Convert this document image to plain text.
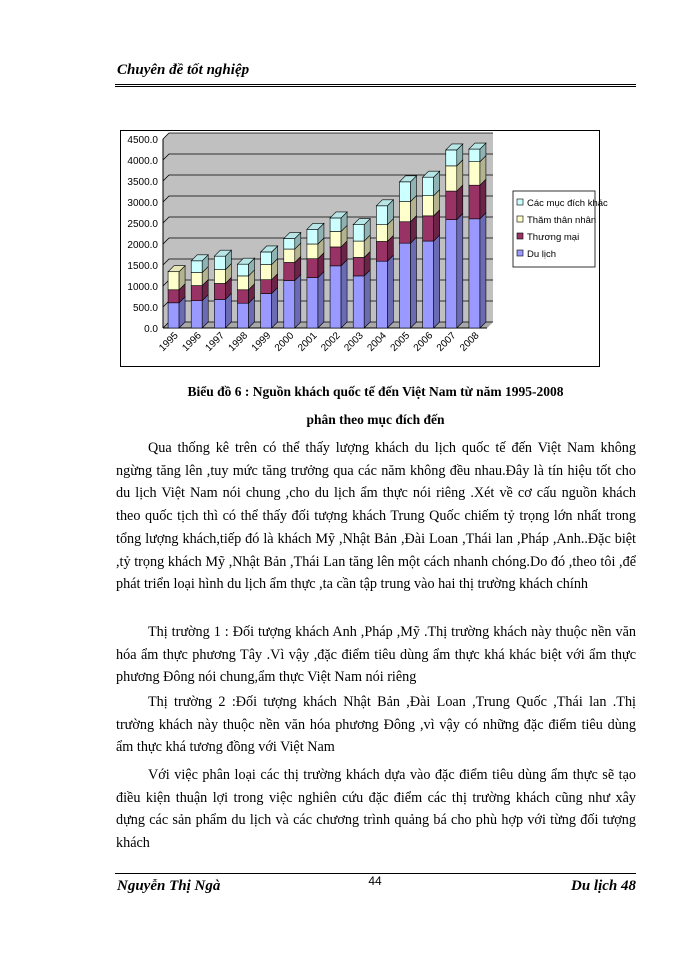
Chuyên đề tốt nghiệp
0.0
500.0
1000.0
1500.0
2000.0
2500.0
3000.0
3500.0
4000.0
4500.0
1995 1996 1997 1998 1999 2000 2001 2002 2003 2004 2005 2006 2007 2008
Các mục đích khác
Thăm thân nhân
Thương mại
Du lịch
Biểu đồ 6 : Nguồn khách quốc tế đến Việt Nam từ năm 1995-2008
phân theo mục đích đến

Qua thống kê trên có thể thấy lượng khách du lịch quốc tế đến Việt Nam không ngừng tăng lên ,tuy mức tăng trưởng qua các năm không đều nhau.Đây là tín hiệu tốt cho du lịch Việt Nam nói chung ,cho du lịch ẩm thực nói riêng .Xét về cơ cấu nguồn khách theo quốc tịch thì có thể thấy đối tượng khách Trung Quốc chiếm tỷ trọng lớn nhất trong tổng lượng khách,tiếp đó là khách Mỹ ,Nhật Bản ,Đài Loan ,Thái lan ,Pháp ,Anh..Đặc biệt ,tỷ trọng khách Mỹ ,Nhật Bản ,Thái Lan tăng lên một cách nhanh chóng.Do đó ,theo tôi ,để phát triển loại hình du lịch ẩm thực ,ta cần tập trung vào hai thị trường khách chính

Thị trường 1 : Đối tượng khách Anh ,Pháp ,Mỹ .Thị trường khách này thuộc nền văn hóa ẩm thực phương Tây .Vì vậy ,đặc điểm tiêu dùng ẩm thực khá khác biệt với ẩm thực phương Đông nói chung,ẩm thực Việt Nam nói riêng

Thị trường 2 :Đối tượng khách Nhật Bản ,Đài Loan ,Trung Quốc ,Thái lan .Thị trường khách này thuộc nền văn hóa phương Đông ,vì vậy có những đặc điểm tiêu dùng ẩm thực khá tương đồng với Việt Nam

Với việc phân loại các thị trường khách dựa vào đặc điểm tiêu dùng ẩm thực sẽ tạo điều kiện thuận lợi trong việc nghiên cứu đặc điểm các thị trường khách cũng như xây dựng các sản phẩm du lịch và các chương trình quảng bá cho phù hợp với từng đối tượng khách

Nguyễn Thị Ngà	44	Du lịch 48
